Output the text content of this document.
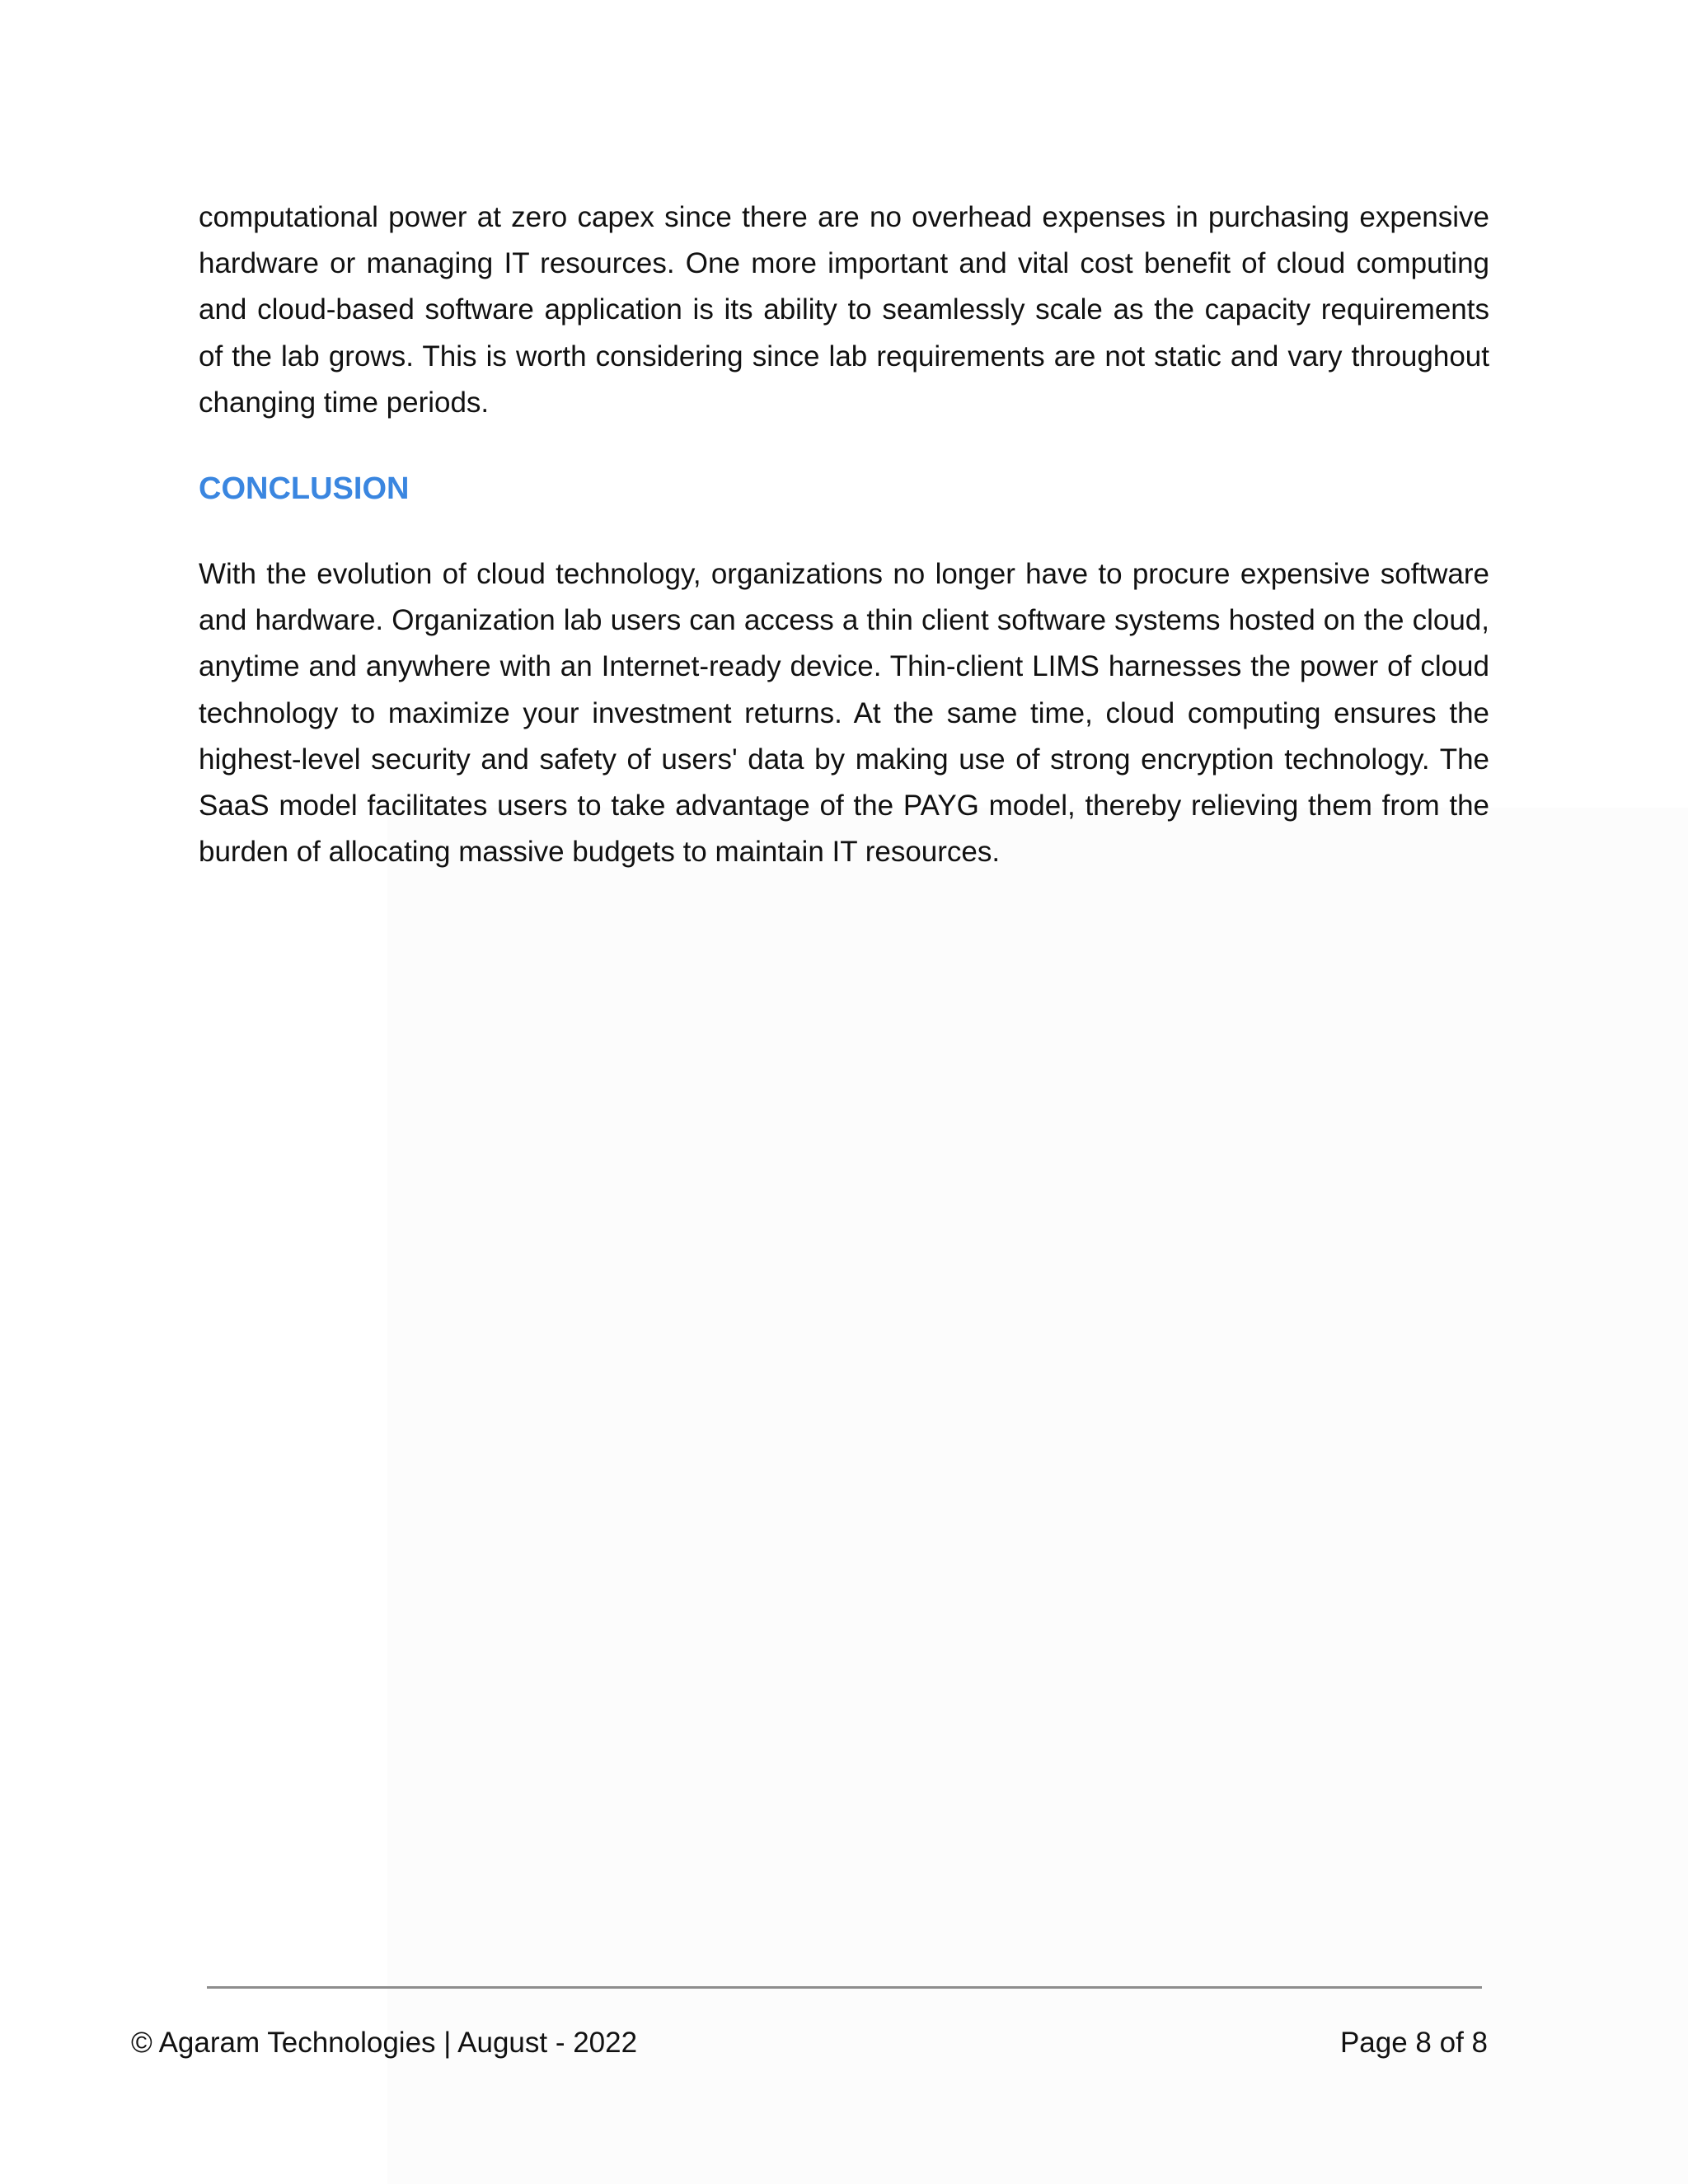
computational power at zero capex since there are no overhead expenses in purchasing expensive hardware or managing IT resources. One more important and vital cost benefit of cloud computing and cloud-based software application is its ability to seamlessly scale as the capacity requirements of the lab grows. This is worth considering since lab requirements are not static and vary throughout changing time periods.

CONCLUSION

With the evolution of cloud technology, organizations no longer have to procure expensive software and hardware. Organization lab users can access a thin client software systems hosted on the cloud, anytime and anywhere with an Internet-ready device. Thin-client LIMS harnesses the power of cloud technology to maximize your investment returns. At the same time, cloud computing ensures the highest-level security and safety of users' data by making use of strong encryption technology. The SaaS model facilitates users to take advantage of the PAYG model, thereby relieving them from the burden of allocating massive budgets to maintain IT resources.

© Agaram Technologies | August - 2022	Page 8 of 8
